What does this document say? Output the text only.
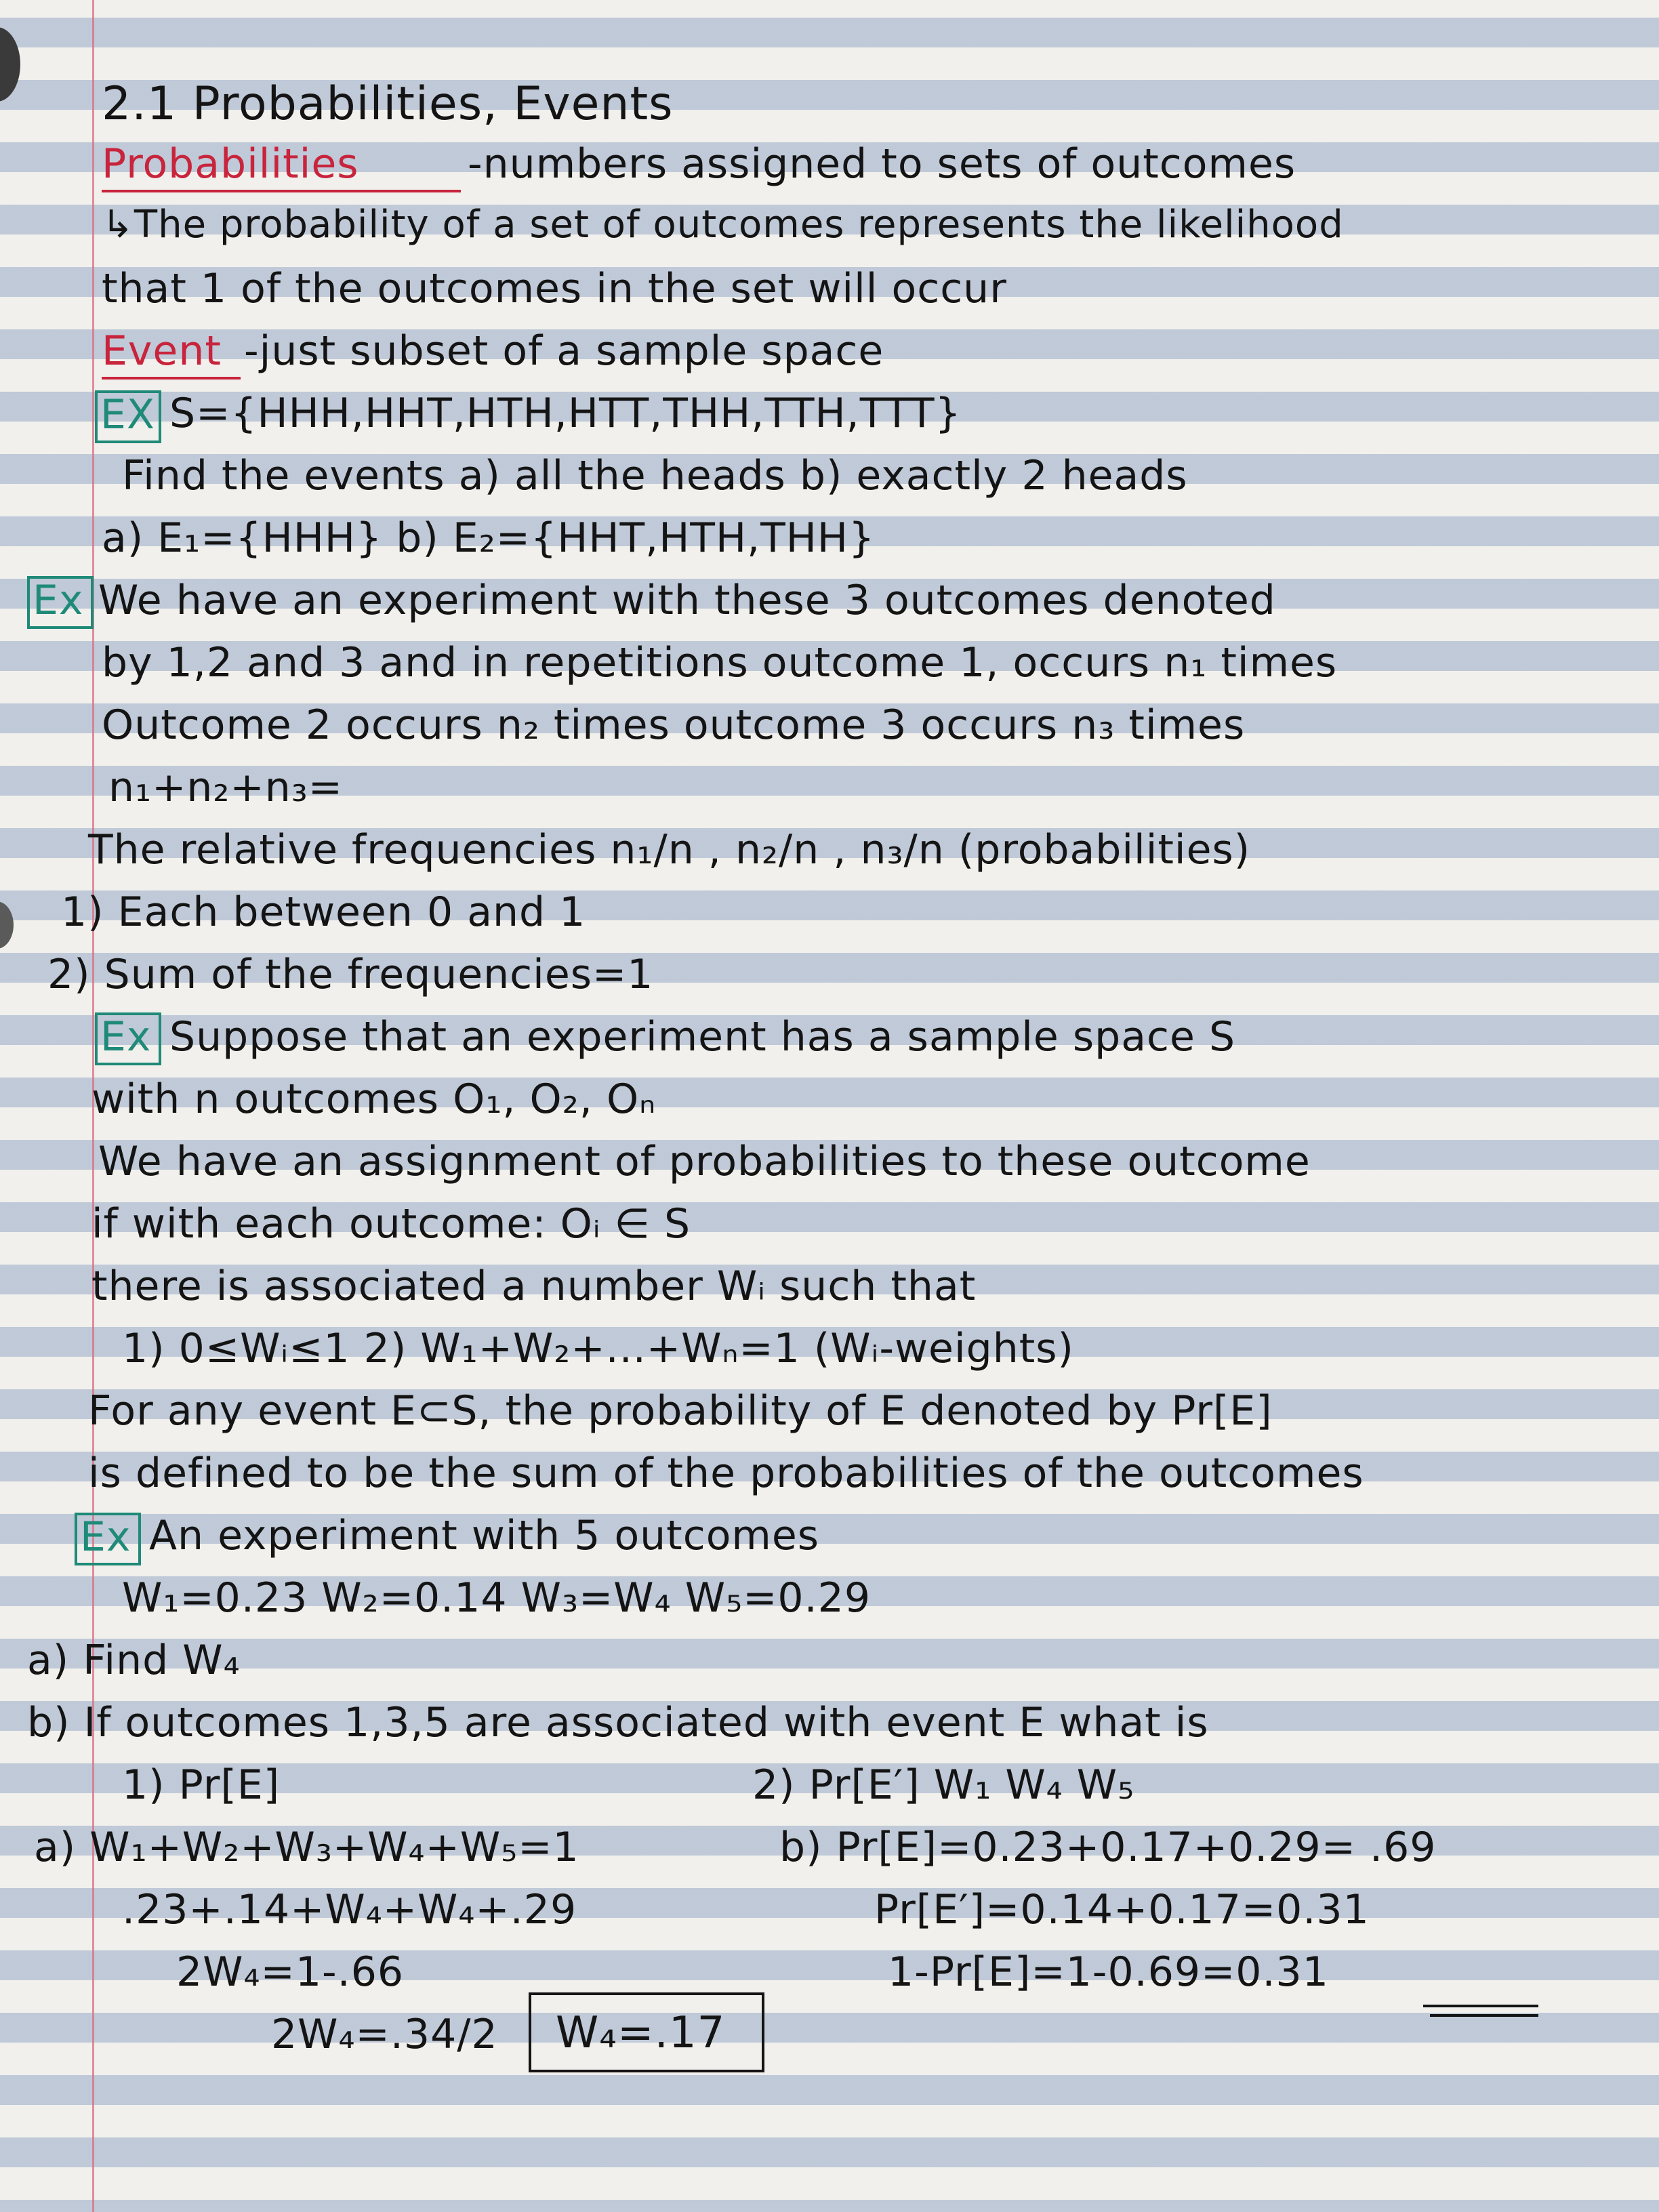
2.1 Probabilities, Events
Probabilities	-numbers assigned to sets of outcomes
↳The probability of a set of outcomes represents the likelihood
that 1 of the outcomes in the set will occur
Event -just subset of a sample space
EX S={HHH,HHT,HTH,HTT,THH,TTH,TTT}
Find the events a) all the heads b) exactly 2 heads
a) E₁={HHH} b) E₂={HHT,HTH,THH}
Ex We have an experiment with these 3 outcomes denoted
by 1,2 and 3 and in repetitions outcome 1, occurs n₁ times
Outcome 2 occurs n₂ times outcome 3 occurs n₃ times
n₁+n₂+n₃=
The relative frequencies n₁/n , n₂/n , n₃/n (probabilities)
1) Each between 0 and 1
2) Sum of the frequencies=1
Ex Suppose that an experiment has a sample space S
with n outcomes O₁, O₂, Oₙ
We have an assignment of probabilities to these outcome
if with each outcome: Oᵢ ∈ S
there is associated a number Wᵢ such that
1) 0≤Wᵢ≤1 2) W₁+W₂+...+Wₙ=1 (Wᵢ-weights)
For any event E⊂S, the probability of E denoted by Pr[E]
is defined to be the sum of the probabilities of the outcomes
Ex An experiment with 5 outcomes
W₁=0.23 W₂=0.14 W₃=W₄ W₅=0.29
a) Find W₄
b) If outcomes 1,3,5 are associated with event E what is
1) Pr[E]	2) Pr[E′] W₁ W₄ W₅
a) W₁+W₂+W₃+W₄+W₅=1	b) Pr[E]=0.23+0.17+0.29= .69
.23+.14+W₄+W₄+.29	Pr[E′]=0.14+0.17=0.31
2W₄=1-.66	1-Pr[E]=1-0.69=0.31
2W₄=.34/2 W₄=.17
